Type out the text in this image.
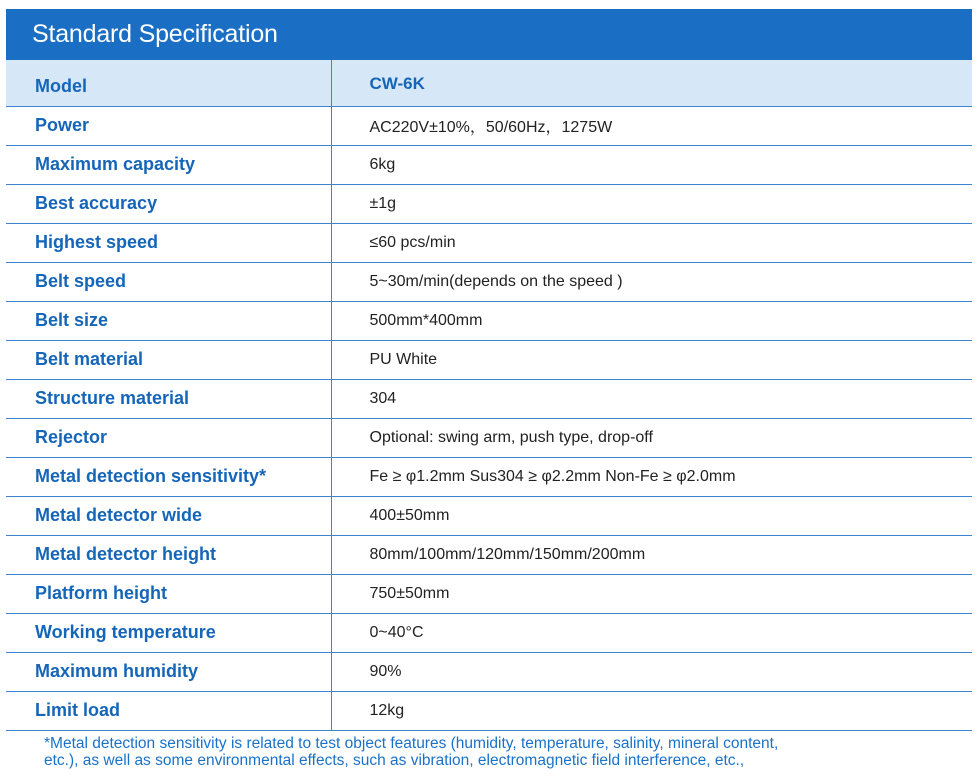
Standard Specification
Model	CW-6K
Power	AC220V±10%，50/60Hz，1275W
Maximum capacity	6kg
Best accuracy	±1g
Highest speed	≤60 pcs/min
Belt speed	5~30m/min(depends on the speed )
Belt size	500mm*400mm
Belt material	PU White
Structure material	304
Rejector	Optional: swing arm, push type, drop-off
Metal detection sensitivity*	Fe ≥ φ1.2mm Sus304 ≥ φ2.2mm Non-Fe ≥ φ2.0mm
Metal detector wide	400±50mm
Metal detector height	80mm/100mm/120mm/150mm/200mm
Platform height	750±50mm
Working temperature	0~40°C
Maximum humidity	90%
Limit load	12kg
*Metal detection sensitivity is related to test object features (humidity, temperature, salinity, mineral content,
etc.), as well as some environmental effects, such as vibration, electromagnetic field interference, etc.,
